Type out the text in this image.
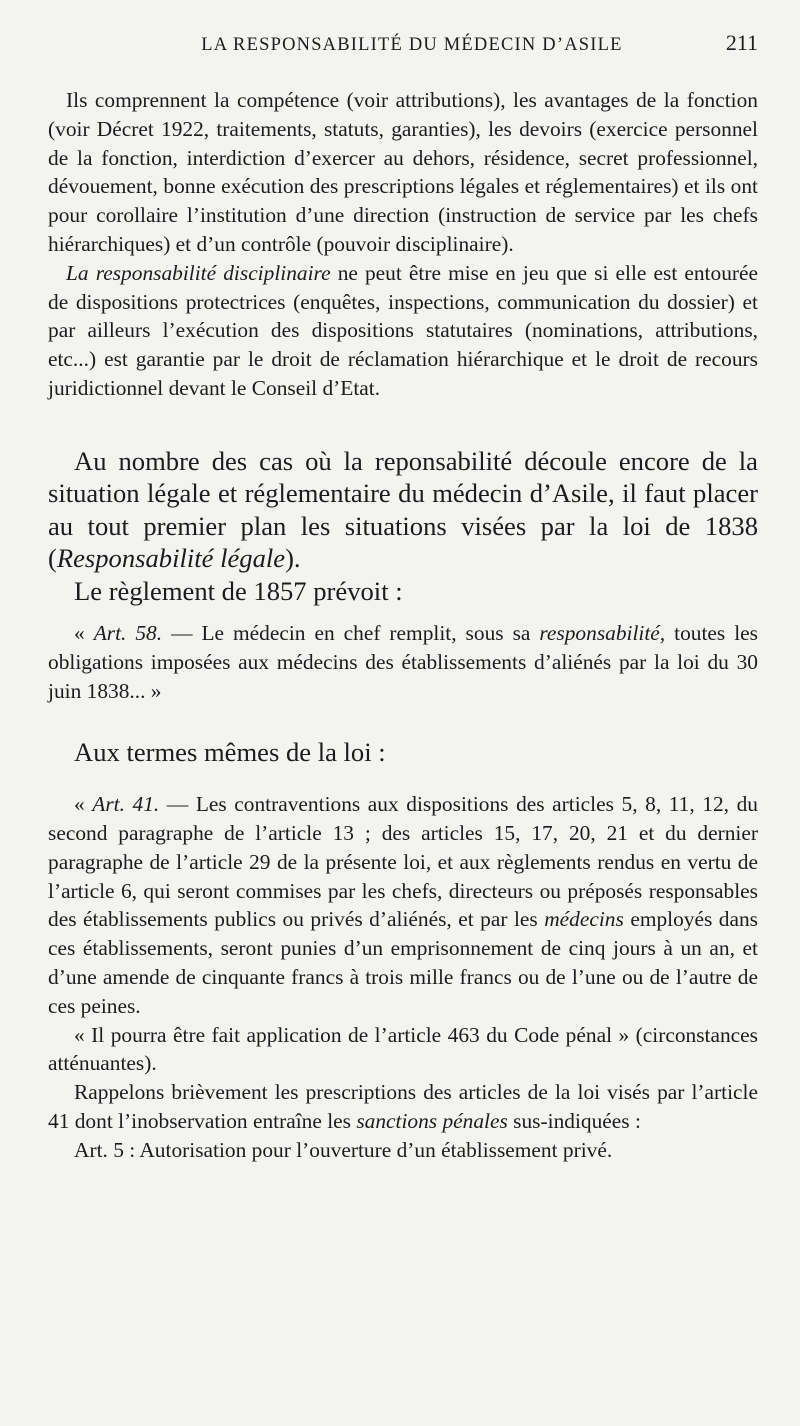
LA RESPONSABILITÉ DU MÉDECIN D’ASILE	211

Ils comprennent la compétence (voir attributions), les avantages de la fonction (voir Décret 1922, traitements, statuts, garanties), les devoirs (exercice personnel de la fonction, interdiction d’exercer au dehors, résidence, secret professionnel, dévouement, bonne exécution des prescriptions légales et réglementaires) et ils ont pour corollaire l’institution d’une direction (instruction de service par les chefs hiérarchiques) et d’un contrôle (pouvoir disciplinaire).

La responsabilité disciplinaire ne peut être mise en jeu que si elle est entourée de dispositions protectrices (enquêtes, inspections, communication du dossier) et par ailleurs l’exécution des dispositions statutaires (nominations, attributions, etc...) est garantie par le droit de réclamation hiérarchique et le droit de recours juridictionnel devant le Conseil d’Etat.

Au nombre des cas où la reponsabilité découle encore de la situation légale et réglementaire du médecin d’Asile, il faut placer au tout premier plan les situations visées par la loi de 1838 (Responsabilité légale).

Le règlement de 1857 prévoit :

« Art. 58. — Le médecin en chef remplit, sous sa responsabilité, toutes les obligations imposées aux médecins des établissements d’aliénés par la loi du 30 juin 1838... »

Aux termes mêmes de la loi :

« Art. 41. — Les contraventions aux dispositions des articles 5, 8, 11, 12, du second paragraphe de l’article 13 ; des articles 15, 17, 20, 21 et du dernier paragraphe de l’article 29 de la présente loi, et aux règlements rendus en vertu de l’article 6, qui seront commises par les chefs, directeurs ou préposés responsables des établissements publics ou privés d’aliénés, et par les médecins employés dans ces établissements, seront punies d’un emprisonnement de cinq jours à un an, et d’une amende de cinquante francs à trois mille francs ou de l’une ou de l’autre de ces peines.

« Il pourra être fait application de l’article 463 du Code pénal » (circonstances atténuantes).

Rappelons brièvement les prescriptions des articles de la loi visés par l’article 41 dont l’inobservation entraîne les sanctions pénales sus-indiquées :

Art. 5 : Autorisation pour l’ouverture d’un établissement privé.
